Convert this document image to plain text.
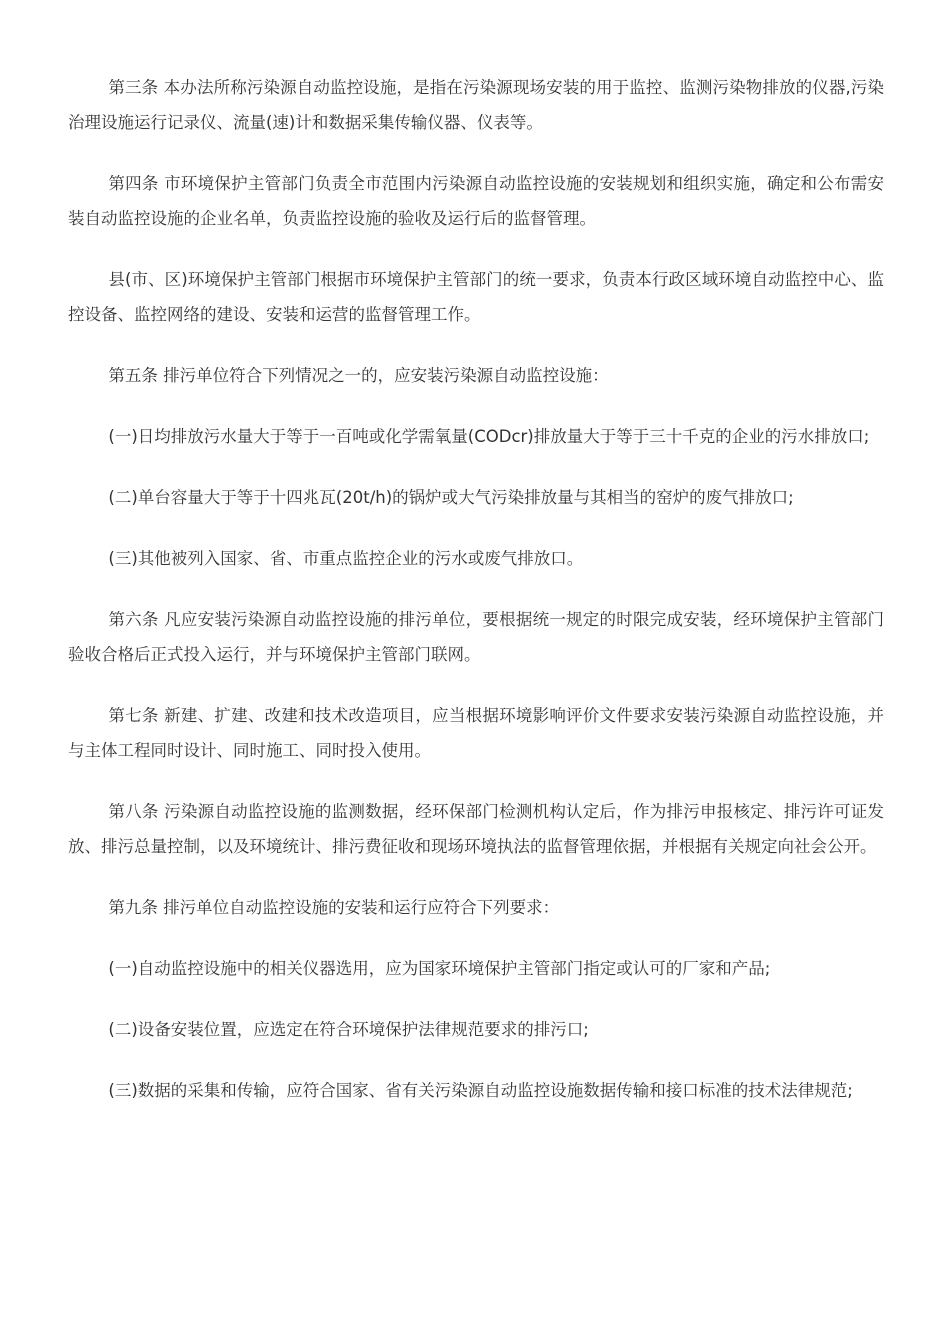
第三条 本办法所称污染源自动监控设施，是指在污染源现场安装的用于监控、监测污染物排放的仪器,污染治理设施运行记录仪、流量(速)计和数据采集传输仪器、仪表等。

第四条 市环境保护主管部门负责全市范围内污染源自动监控设施的安装规划和组织实施，确定和公布需安装自动监控设施的企业名单，负责监控设施的验收及运行后的监督管理。

县(市、区)环境保护主管部门根据市环境保护主管部门的统一要求，负责本行政区域环境自动监控中心、监控设备、监控网络的建设、安装和运营的监督管理工作。

第五条 排污单位符合下列情况之一的，应安装污染源自动监控设施：

(一)日均排放污水量大于等于一百吨或化学需氧量(CODcr)排放量大于等于三十千克的企业的污水排放口;

(二)单台容量大于等于十四兆瓦(20t/h)的锅炉或大气污染排放量与其相当的窑炉的废气排放口;

(三)其他被列入国家、省、市重点监控企业的污水或废气排放口。

第六条 凡应安装污染源自动监控设施的排污单位，要根据统一规定的时限完成安装，经环境保护主管部门验收合格后正式投入运行，并与环境保护主管部门联网。

第七条 新建、扩建、改建和技术改造项目，应当根据环境影响评价文件要求安装污染源自动监控设施，并与主体工程同时设计、同时施工、同时投入使用。

第八条 污染源自动监控设施的监测数据，经环保部门检测机构认定后，作为排污申报核定、排污许可证发放、排污总量控制，以及环境统计、排污费征收和现场环境执法的监督管理依据，并根据有关规定向社会公开。

第九条 排污单位自动监控设施的安装和运行应符合下列要求：

(一)自动监控设施中的相关仪器选用，应为国家环境保护主管部门指定或认可的厂家和产品;

(二)设备安装位置，应选定在符合环境保护法律规范要求的排污口;

(三)数据的采集和传输，应符合国家、省有关污染源自动监控设施数据传输和接口标准的技术法律规范;
